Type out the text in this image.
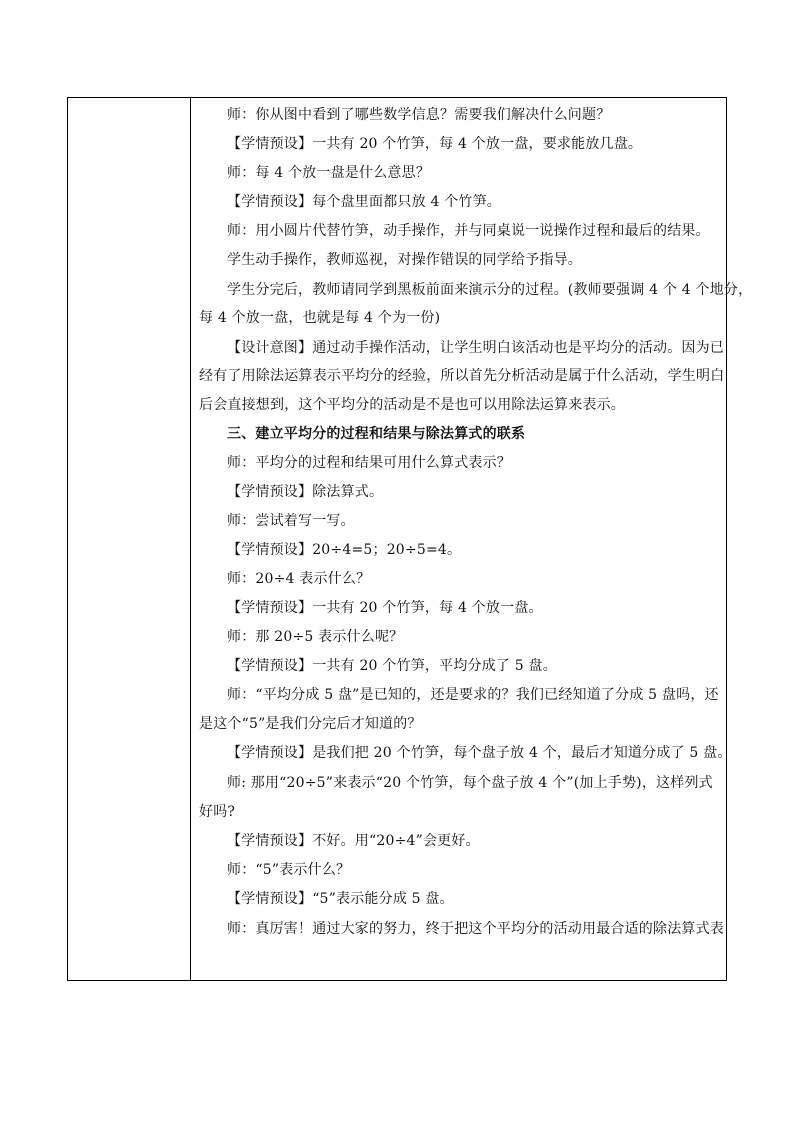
师：你从图中看到了哪些数学信息？需要我们解决什么问题？
【学情预设】一共有 20 个竹笋，每 4 个放一盘，要求能放几盘。
师：每 4 个放一盘是什么意思？
【学情预设】每个盘里面都只放 4 个竹笋。
师：用小圆片代替竹笋，动手操作，并与同桌说一说操作过程和最后的结果。
学生动手操作，教师巡视，对操作错误的同学给予指导。
学生分完后，教师请同学到黑板前面来演示分的过程。(教师要强调 4 个 4 个地分，
每 4 个放一盘，也就是每 4 个为一份)
【设计意图】通过动手操作活动，让学生明白该活动也是平均分的活动。因为已
经有了用除法运算表示平均分的经验，所以首先分析活动是属于什么活动，学生明白
后会直接想到，这个平均分的活动是不是也可以用除法运算来表示。
三、建立平均分的过程和结果与除法算式的联系
师：平均分的过程和结果可用什么算式表示？
【学情预设】除法算式。
师：尝试着写一写。
【学情预设】20÷4=5；20÷5=4。
师：20÷4 表示什么？
【学情预设】一共有 20 个竹笋，每 4 个放一盘。
师：那 20÷5 表示什么呢？
【学情预设】一共有 20 个竹笋，平均分成了 5 盘。
师：“平均分成 5 盘”是已知的，还是要求的？我们已经知道了分成 5 盘吗，还
是这个“5”是我们分完后才知道的？
【学情预设】是我们把 20 个竹笋，每个盘子放 4 个，最后才知道分成了 5 盘。
师: 那用“20÷5”来表示“20 个竹笋，每个盘子放 4 个”(加上手势)，这样列式
好吗?
【学情预设】不好。用“20÷4”会更好。
师：“5”表示什么？
【学情预设】“5”表示能分成 5 盘。
师：真厉害！通过大家的努力，终于把这个平均分的活动用最合适的除法算式表
